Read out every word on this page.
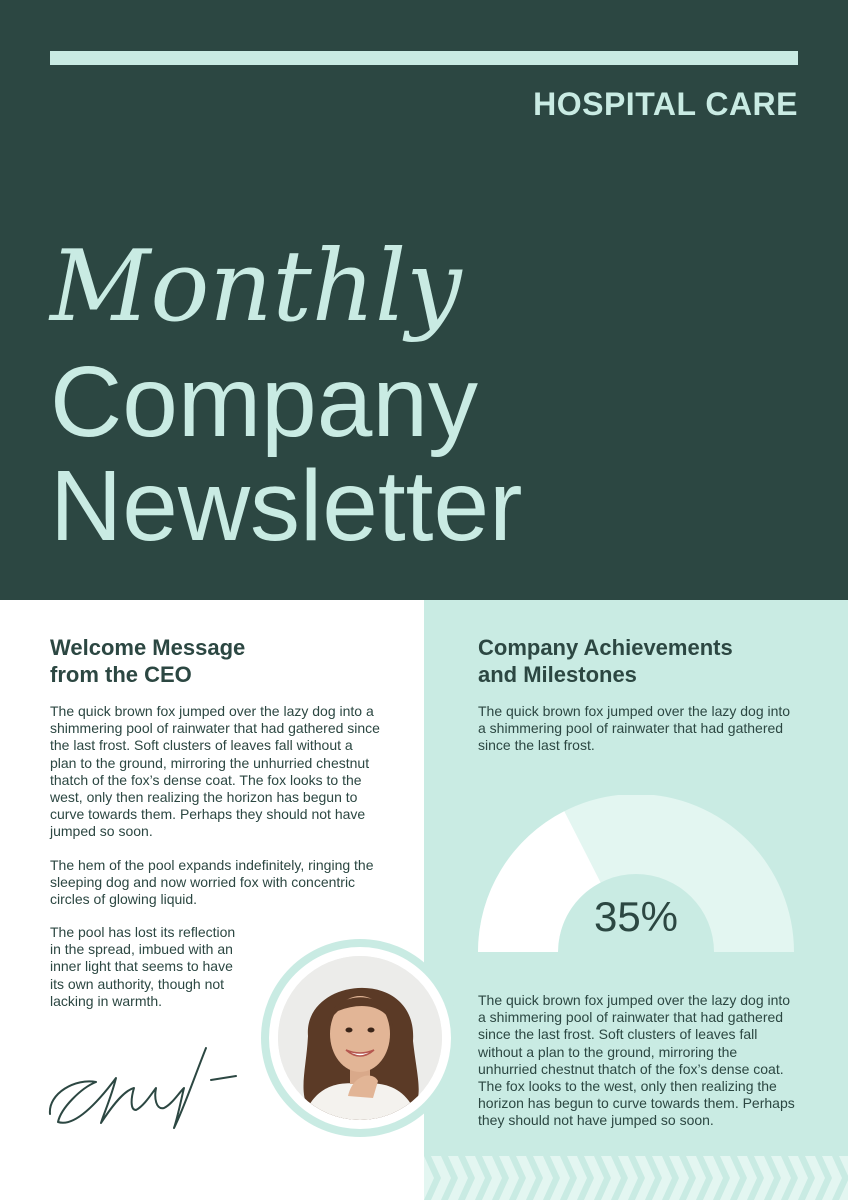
HOSPITAL CARE
Monthly
Company
Newsletter
Welcome Message
from the CEO

The quick brown fox jumped over the lazy dog into a shimmering pool of rainwater that had gathered since the last frost. Soft clusters of leaves fall without a plan to the ground, mirroring the unhurried chestnut thatch of the fox’s dense coat. The fox looks to the west, only then realizing the horizon has begun to curve towards them. Perhaps they should not have jumped so soon.

The hem of the pool expands indefinitely, ringing the sleeping dog and now worried fox with concentric circles of glowing liquid.

The pool has lost its reflection in the spread, imbued with an inner light that seems to have its own authority, though not lacking in warmth.

Company Achievements
and Milestones

The quick brown fox jumped over the lazy dog into a shimmering pool of rainwater that had gathered since the last frost.

35%

The quick brown fox jumped over the lazy dog into a shimmering pool of rainwater that had gathered since the last frost. Soft clusters of leaves fall without a plan to the ground, mirroring the unhurried chestnut thatch of the fox’s dense coat. The fox looks to the west, only then realizing the horizon has begun to curve towards them. Perhaps they should not have jumped so soon.
